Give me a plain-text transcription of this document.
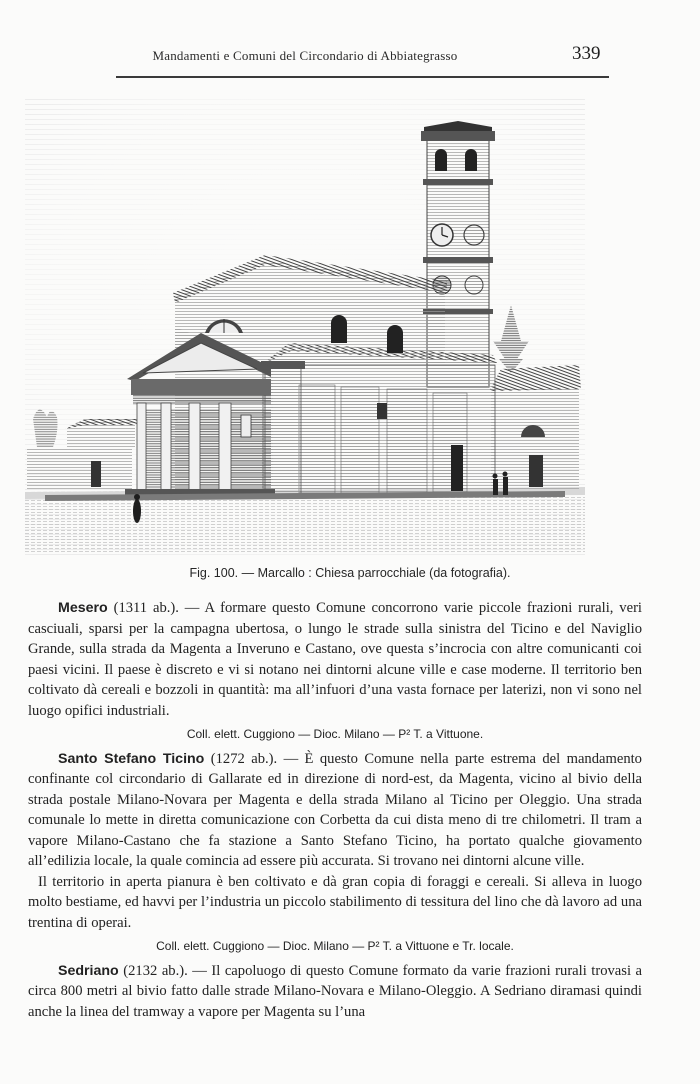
Mandamenti e Comuni del Circondario di Abbiategrasso	339
Fig. 100. — Marcallo : Chiesa parrocchiale (da fotografia).

Mesero (1311 ab.). — A formare questo Comune concorrono varie piccole frazioni rurali, veri casciuali, sparsi per la campagna ubertosa, o lungo le strade sulla sinistra del Ticino e del Naviglio Grande, sulla strada da Magenta a Inveruno e Castano, ove questa s’incrocia con altre comunicanti coi paesi vicini. Il paese è discreto e vi si notano nei dintorni alcune ville e case moderne. Il territorio ben coltivato dà cereali e bozzoli in quantità: ma all’infuori d’una vasta fornace per laterizi, non vi sono nel luogo opifici industriali.

Coll. elett. Cuggiono — Dioc. Milano — P² T. a Vittuone.

Santo Stefano Ticino (1272 ab.). — È questo Comune nella parte estrema del mandamento confinante col circondario di Gallarate ed in direzione di nord-est, da Magenta, vicino al bivio della strada postale Milano-Novara per Magenta e della strada Milano al Ticino per Oleggio. Una strada comunale lo mette in diretta comunicazione con Corbetta da cui dista meno di tre chilometri. Il tram a vapore Milano-Castano che fa stazione a Santo Stefano Ticino, ha portato qualche giovamento all’edilizia locale, la quale comincia ad essere più accurata. Si trovano nei dintorni alcune ville.

Il territorio in aperta pianura è ben coltivato e dà gran copia di foraggi e cereali. Si alleva in luogo molto bestiame, ed havvi per l’industria un piccolo stabilimento di tessitura del lino che dà lavoro ad una trentina di operai.

Coll. elett. Cuggiono — Dioc. Milano — P² T. a Vittuone e Tr. locale.

Sedriano (2132 ab.). — Il capoluogo di questo Comune formato da varie frazioni rurali trovasi a circa 800 metri al bivio fatto dalle strade Milano-Novara e Milano-Oleggio. A Sedriano diramasi quindi anche la linea del tramway a vapore per Magenta su l’una
